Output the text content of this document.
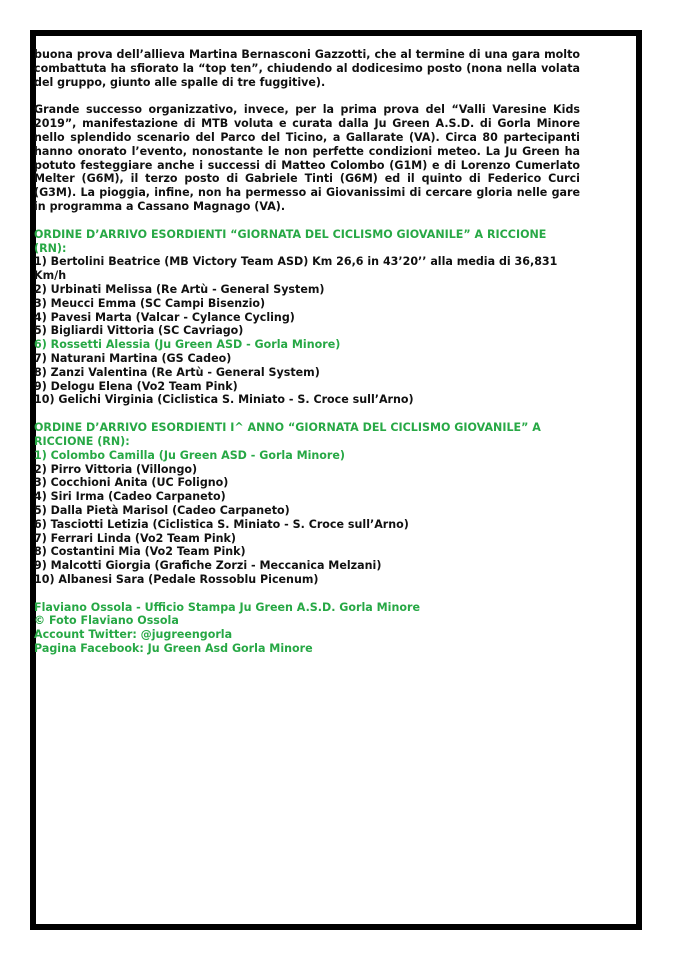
buona prova dell’allieva Martina Bernasconi Gazzotti, che al termine di una gara molto combattuta ha sfiorato la “top ten”, chiudendo al dodicesimo posto (nona nella volata del gruppo, giunto alle spalle di tre fuggitive).

Grande successo organizzativo, invece, per la prima prova del “Valli Varesine Kids 2019”, manifestazione di MTB voluta e curata dalla Ju Green A.S.D. di Gorla Minore nello splendido scenario del Parco del Ticino, a Gallarate (VA). Circa 80 partecipanti hanno onorato l’evento, nonostante le non perfette condizioni meteo. La Ju Green ha potuto festeggiare anche i successi di Matteo Colombo (G1M) e di Lorenzo Cumerlato Melter (G6M), il terzo posto di Gabriele Tinti (G6M) ed il quinto di Federico Curci (G3M). La pioggia, infine, non ha permesso ai Giovanissimi di cercare gloria nelle gare in programma a Cassano Magnago (VA).

ORDINE D’ARRIVO ESORDIENTI “GIORNATA DEL CICLISMO GIOVANILE” A RICCIONE (RN):
1) Bertolini Beatrice (MB Victory Team ASD) Km 26,6 in 43’20’’ alla media di 36,831 Km/h
2) Urbinati Melissa (Re Artù - General System)
3) Meucci Emma (SC Campi Bisenzio)
4) Pavesi Marta (Valcar - Cylance Cycling)
5) Bigliardi Vittoria (SC Cavriago)
6) Rossetti Alessia (Ju Green ASD - Gorla Minore)
7) Naturani Martina (GS Cadeo)
8) Zanzi Valentina (Re Artù - General System)
9) Delogu Elena (Vo2 Team Pink)
10) Gelichi Virginia (Ciclistica S. Miniato - S. Croce sull’Arno)
ORDINE D’ARRIVO ESORDIENTI I^ ANNO “GIORNATA DEL CICLISMO GIOVANILE” A RICCIONE (RN):
1) Colombo Camilla (Ju Green ASD - Gorla Minore)
2) Pirro Vittoria (Villongo)
3) Cocchioni Anita (UC Foligno)
4) Siri Irma (Cadeo Carpaneto)
5) Dalla Pietà Marisol (Cadeo Carpaneto)
6) Tasciotti Letizia (Ciclistica S. Miniato - S. Croce sull’Arno)
7) Ferrari Linda (Vo2 Team Pink)
8) Costantini Mia (Vo2 Team Pink)
9) Malcotti Giorgia (Grafiche Zorzi - Meccanica Melzani)
10) Albanesi Sara (Pedale Rossoblu Picenum)
Flaviano Ossola - Ufficio Stampa Ju Green A.S.D. Gorla Minore
© Foto Flaviano Ossola
Account Twitter: @jugreengorla
Pagina Facebook: Ju Green Asd Gorla Minore
